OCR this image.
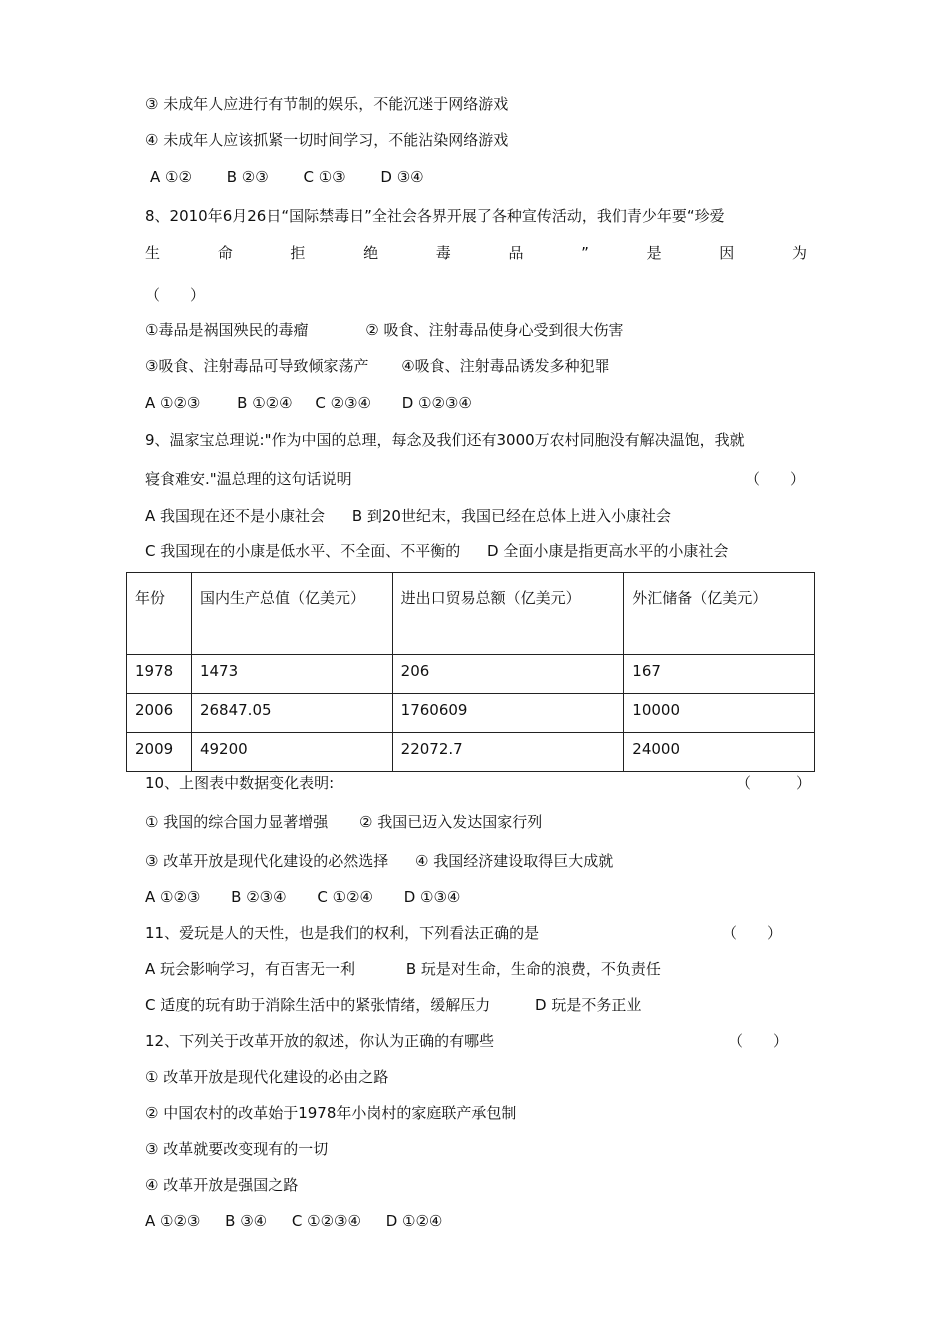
③ 未成年人应进行有节制的娱乐，不能沉迷于网络游戏
④ 未成年人应该抓紧一切时间学习，不能沾染网络游戏
A ①② B ②③ C ①③ D ③④
8、2010年6月26日“国际禁毒日”全社会各界开展了各种宣传活动，我们青少年要“珍爱
生	命	拒	绝	毒	品	”	是	因	为
（　　）
①毒品是祸国殃民的毒瘤	② 吸食、注射毒品使身心受到很大伤害
③吸食、注射毒品可导致倾家荡产 ④吸食、注射毒品诱发多种犯罪
A ①②③ B ①②④ C ②③④ D ①②③④
9、温家宝总理说:"作为中国的总理，每念及我们还有3000万农村同胞没有解决温饱，我就
寝食难安."温总理的这句话说明	（　　）
A 我国现在还不是小康社会 B 到20世纪末，我国已经在总体上进入小康社会
C 我国现在的小康是低水平、不全面、不平衡的 D 全面小康是指更高水平的小康社会
年份	国内生产总值（亿美元）	进出口贸易总额（亿美元）	外汇储备（亿美元）

1978	1473	206	167
2006	26847.05	1760609	10000
2009	49200	22072.7	24000
10、上图表中数据变化表明:	（　　　）
① 我国的综合国力显著增强 ② 我国已迈入发达国家行列
③ 改革开放是现代化建设的必然选择 ④ 我国经济建设取得巨大成就
A ①②③ B ②③④ C ①②④ D ①③④
11、爱玩是人的天性，也是我们的权利，下列看法正确的是	（　　）
A 玩会影响学习，有百害无一利	B 玩是对生命，生命的浪费，不负责任
C 适度的玩有助于消除生活中的紧张情绪，缓解压力	D 玩是不务正业
12、下列关于改革开放的叙述，你认为正确的有哪些	（　　）
① 改革开放是现代化建设的必由之路
② 中国农村的改革始于1978年小岗村的家庭联产承包制
③ 改革就要改变现有的一切
④ 改革开放是强国之路
A ①②③ B ③④ C ①②③④ D ①②④
